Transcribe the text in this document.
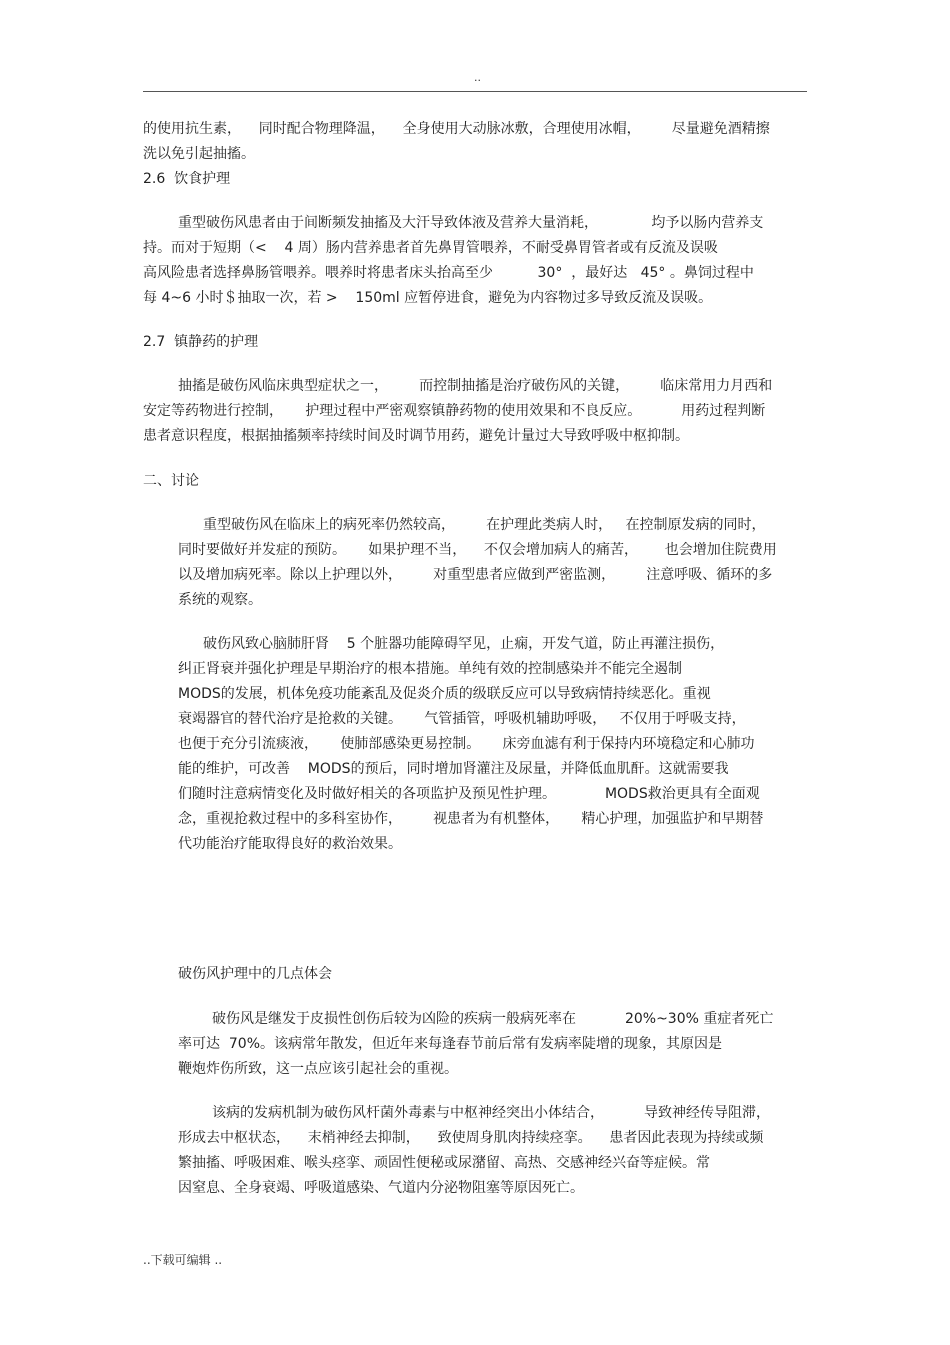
..
的使用抗生素，    同时配合物理降温，    全身使用大动脉冰敷，合理使用冰帽，       尽量避免酒精擦
洗以免引起抽搐。
2.6  饮食护理
重型破伤风患者由于间断频发抽搐及大汗导致体液及营养大量消耗，            均予以肠内营养支
持。而对于短期（<    4 周）肠内营养患者首先鼻胃管喂养，不耐受鼻胃管者或有反流及误吸
高风险患者选择鼻肠管喂养。喂养时将患者床头抬高至少          30°  ，最好达   45° 。鼻饲过程中
每 4~6 小时＄抽取一次，若 >    150ml 应暂停进食，避免为内容物过多导致反流及误吸。
2.7  镇静药的护理
抽搐是破伤风临床典型症状之一，       而控制抽搐是治疗破伤风的关键，       临床常用力月西和
安定等药物进行控制，     护理过程中严密观察镇静药物的使用效果和不良反应。         用药过程判断
患者意识程度，根据抽搐频率持续时间及时调节用药，避免计量过大导致呼吸中枢抑制。
二、讨论
重型破伤风在临床上的病死率仍然较高，       在护理此类病人时，   在控制原发病的同时，
同时要做好并发症的预防。     如果护理不当，    不仅会增加病人的痛苦，      也会增加住院费用
以及增加病死率。除以上护理以外，       对重型患者应做到严密监测，       注意呼吸、循环的多
系统的观察。
破伤风致心脑肺肝肾    5 个脏器功能障碍罕见，止痫，开发气道，防止再灌注损伤，
纠正肾衰并强化护理是早期治疗的根本措施。单纯有效的控制感染并不能完全遏制
MODS的发展，机体免疫功能紊乱及促炎介质的级联反应可以导致病情持续恶化。重视
衰竭器官的替代治疗是抢救的关键。     气管插管，呼吸机辅助呼吸，   不仅用于呼吸支持，
也便于充分引流痰液，     使肺部感染更易控制。     床旁血滤有利于保持内环境稳定和心肺功
能的维护，可改善    MODS的预后，同时增加肾灌注及尿量，并降低血肌酐。这就需要我
们随时注意病情变化及时做好相关的各项监护及预见性护理。           MODS救治更具有全面观
念，重视抢救过程中的多科室协作，       视患者为有机整体，     精心护理，加强监护和早期替
代功能治疗能取得良好的救治效果。
破伤风护理中的几点体会
破伤风是继发于皮损性创伤后较为凶险的疾病一般病死率在           20%~30% 重症者死亡
率可达  70%。该病常年散发，但近年来每逢春节前后常有发病率陡增的现象，其原因是
鞭炮炸伤所致，这一点应该引起社会的重视。
该病的发病机制为破伤风杆菌外毒素与中枢神经突出小体结合，         导致神经传导阻滞，
形成去中枢状态，    末梢神经去抑制，    致使周身肌肉持续痉挛。    患者因此表现为持续或频
繁抽搐、呼吸困难、喉头痉挛、顽固性便秘或尿潴留、高热、交感神经兴奋等症候。常
因窒息、全身衰竭、呼吸道感染、气道内分泌物阻塞等原因死亡。
..下载可编辑 ..
